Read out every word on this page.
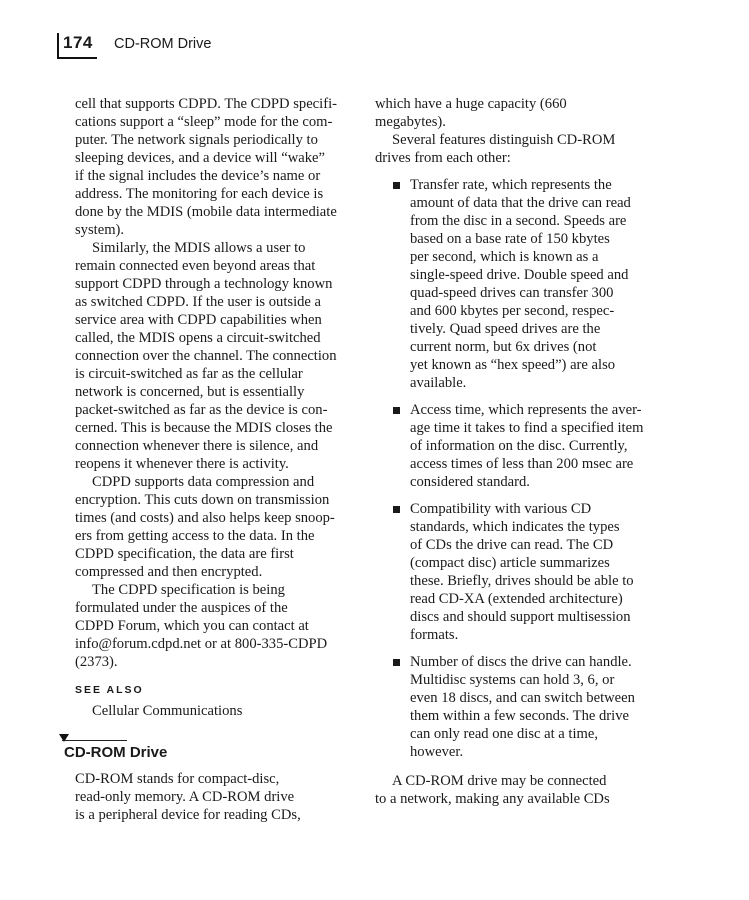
174 CD-ROM Drive

cell that supports CDPD. The CDPD specifi-
cations support a “sleep” mode for the com-
puter. The network signals periodically to
sleeping devices, and a device will “wake”
if the signal includes the device’s name or
address. The monitoring for each device is
done by the MDIS (mobile data intermediate
system).

Similarly, the MDIS allows a user to
remain connected even beyond areas that
support CDPD through a technology known
as switched CDPD. If the user is outside a
service area with CDPD capabilities when
called, the MDIS opens a circuit-switched
connection over the channel. The connection
is circuit-switched as far as the cellular
network is concerned, but is essentially
packet-switched as far as the device is con-
cerned. This is because the MDIS closes the
connection whenever there is silence, and
reopens it whenever there is activity.

CDPD supports data compression and
encryption. This cuts down on transmission
times (and costs) and also helps keep snoop-
ers from getting access to the data. In the
CDPD specification, the data are first
compressed and then encrypted.

The CDPD specification is being
formulated under the auspices of the
CDPD Forum, which you can contact at
info@forum.cdpd.net or at 800-335-CDPD
(2373).

SEE ALSO
Cellular Communications
CD-ROM Drive
CD-ROM stands for compact-disc,
read-only memory. A CD-ROM drive
is a peripheral device for reading CDs,

which have a huge capacity (660
megabytes).

Several features distinguish CD-ROM
drives from each other:

Transfer rate, which represents the
amount of data that the drive can read
from the disc in a second. Speeds are
based on a base rate of 150 kbytes
per second, which is known as a
single-speed drive. Double speed and
quad-speed drives can transfer 300
and 600 kbytes per second, respec-
tively. Quad speed drives are the
current norm, but 6x drives (not
yet known as “hex speed”) are also
available.
Access time, which represents the aver-
age time it takes to find a specified item
of information on the disc. Currently,
access times of less than 200 msec are
considered standard.
Compatibility with various CD
standards, which indicates the types
of CDs the drive can read. The CD
(compact disc) article summarizes
these. Briefly, drives should be able to
read CD-XA (extended architecture)
discs and should support multisession
formats.
Number of discs the drive can handle.
Multidisc systems can hold 3, 6, or
even 18 discs, and can switch between
them within a few seconds. The drive
can only read one disc at a time,
however.
A CD-ROM drive may be connected
to a network, making any available CDs
